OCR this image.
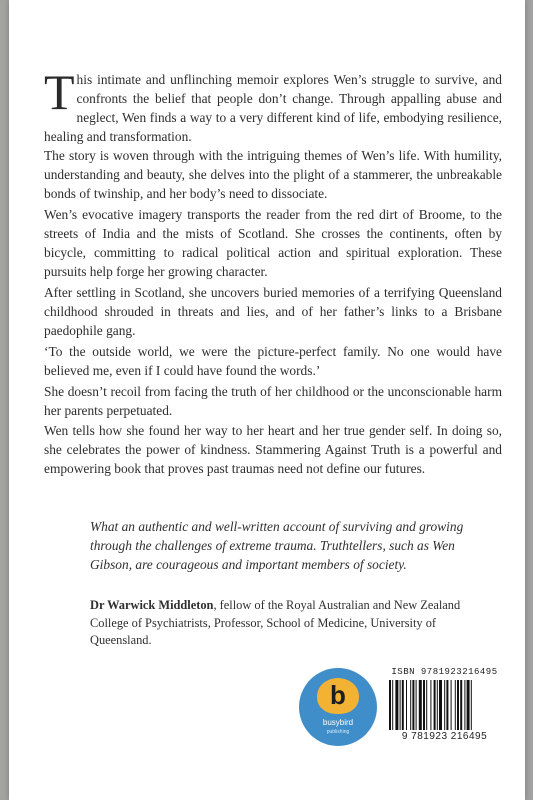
This intimate and unflinching memoir explores Wen’s struggle to survive, and confronts the belief that people don’t change. Through appalling abuse and neglect, Wen finds a way to a very different kind of life, embodying resilience, healing and transformation.

The story is woven through with the intriguing themes of Wen’s life. With humility, understanding and beauty, she delves into the plight of a stammerer, the unbreakable bonds of twinship, and her body’s need to dissociate.

Wen’s evocative imagery transports the reader from the red dirt of Broome, to the streets of India and the mists of Scotland. She crosses the continents, often by bicycle, committing to radical political action and spiritual exploration. These pursuits help forge her growing character.

After settling in Scotland, she uncovers buried memories of a terrifying Queensland childhood shrouded in threats and lies, and of her father’s links to a Brisbane paedophile gang.

‘To the outside world, we were the picture-perfect family. No one would have believed me, even if I could have found the words.’

She doesn’t recoil from facing the truth of her childhood or the unconscionable harm her parents perpetuated.

Wen tells how she found her way to her heart and her true gender self. In doing so, she celebrates the power of kindness. Stammering Against Truth is a powerful and empowering book that proves past traumas need not define our futures.

What an authentic and well-written account of surviving and growing through the challenges of extreme trauma. Truthtellers, such as Wen Gibson, are courageous and important members of society.

Dr Warwick Middleton, fellow of the Royal Australian and New Zealand College of Psychiatrists, Professor, School of Medicine, University of Queensland.

b
busybird
publishing
ISBN 9781923216495
9 781923 216495
